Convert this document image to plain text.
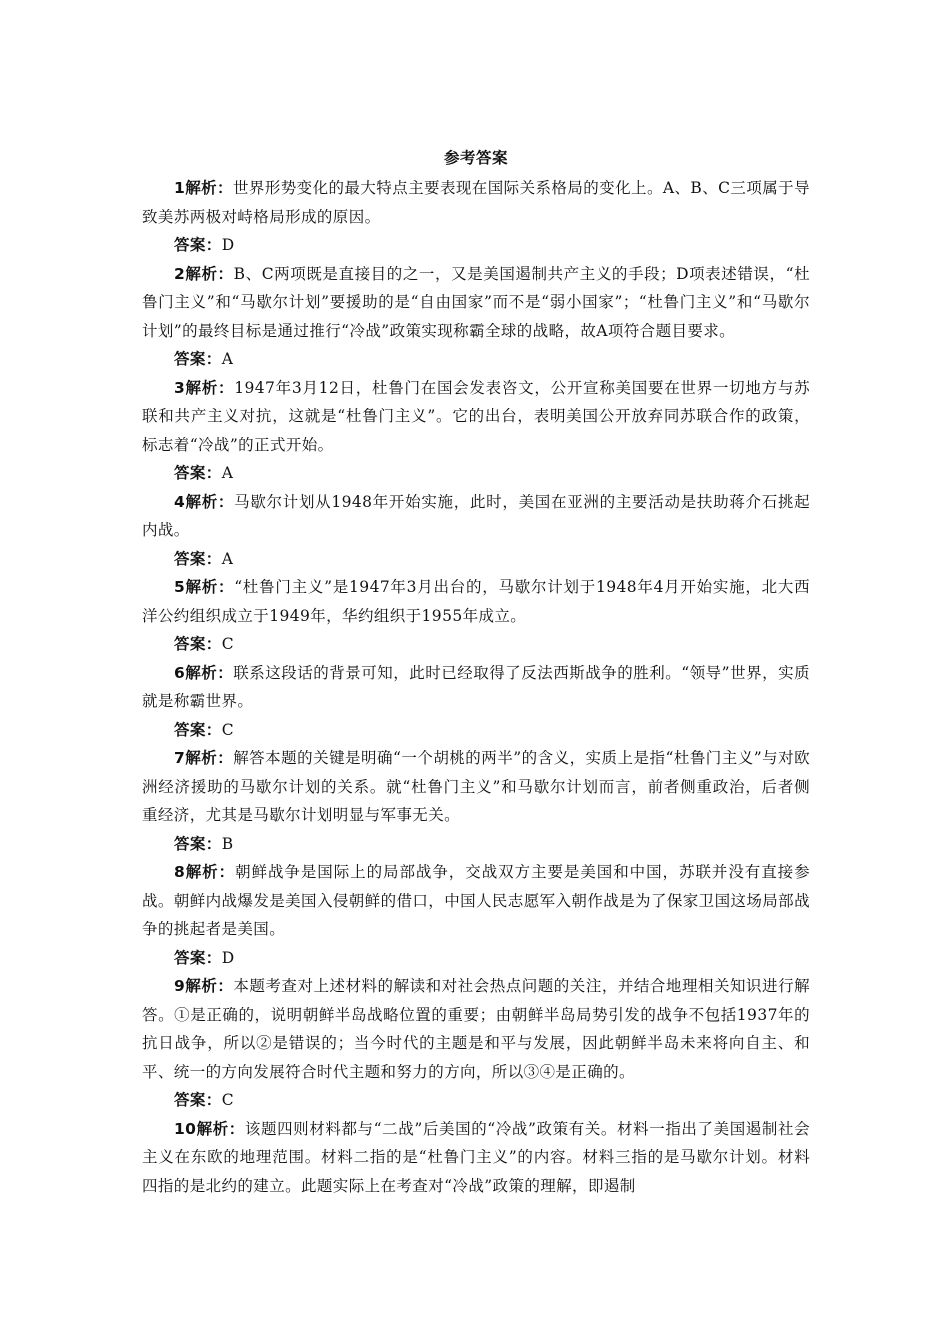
参考答案

1解析：世界形势变化的最大特点主要表现在国际关系格局的变化上。A、B、C三项属于导致美苏两极对峙格局形成的原因。

答案：D

2解析：B、C两项既是直接目的之一，又是美国遏制共产主义的手段；D项表述错误，“杜鲁门主义”和“马歇尔计划”要援助的是“自由国家”而不是“弱小国家”；“杜鲁门主义”和“马歇尔计划”的最终目标是通过推行“冷战”政策实现称霸全球的战略，故A项符合题目要求。

答案：A

3解析：1947年3月12日，杜鲁门在国会发表咨文，公开宣称美国要在世界一切地方与苏联和共产主义对抗，这就是“杜鲁门主义”。它的出台，表明美国公开放弃同苏联合作的政策，标志着“冷战”的正式开始。

答案：A

4解析：马歇尔计划从1948年开始实施，此时，美国在亚洲的主要活动是扶助蒋介石挑起内战。

答案：A

5解析：“杜鲁门主义”是1947年3月出台的，马歇尔计划于1948年4月开始实施，北大西洋公约组织成立于1949年，华约组织于1955年成立。

答案：C

6解析：联系这段话的背景可知，此时已经取得了反法西斯战争的胜利。“领导”世界，实质就是称霸世界。

答案：C

7解析：解答本题的关键是明确“一个胡桃的两半”的含义，实质上是指“杜鲁门主义”与对欧洲经济援助的马歇尔计划的关系。就“杜鲁门主义”和马歇尔计划而言，前者侧重政治，后者侧重经济，尤其是马歇尔计划明显与军事无关。

答案：B

8解析：朝鲜战争是国际上的局部战争，交战双方主要是美国和中国，苏联并没有直接参战。朝鲜内战爆发是美国入侵朝鲜的借口，中国人民志愿军入朝作战是为了保家卫国这场局部战争的挑起者是美国。

答案：D

9解析：本题考查对上述材料的解读和对社会热点问题的关注，并结合地理相关知识进行解答。①是正确的，说明朝鲜半岛战略位置的重要；由朝鲜半岛局势引发的战争不包括1937年的抗日战争，所以②是错误的；当今时代的主题是和平与发展，因此朝鲜半岛未来将向自主、和平、统一的方向发展符合时代主题和努力的方向，所以③④是正确的。

答案：C

10解析：该题四则材料都与“二战”后美国的“冷战”政策有关。材料一指出了美国遏制社会主义在东欧的地理范围。材料二指的是“杜鲁门主义”的内容。材料三指的是马歇尔计划。材料四指的是北约的建立。此题实际上在考查对“冷战”政策的理解，即遏制
